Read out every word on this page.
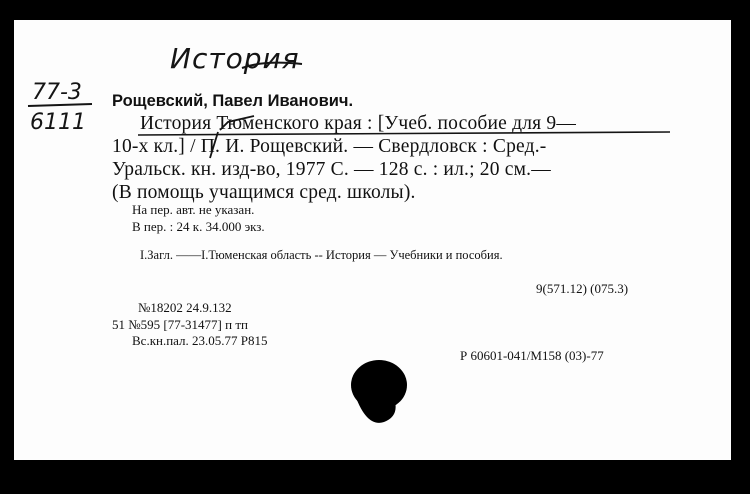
История
77-3
6111
Рощевский, Павел Иванович.
История Тюменского края : [Учеб. пособие для 9—
10-х кл.] / П. И. Рощевский. — Свердловск : Сред.-
Уральск. кн. изд-во, 1977 С. — 128 с. : ил.; 20 см.—
(В помощь учащимся сред. школы).
На пер. авт. не указан.
В пер. : 24 к. 34.000 экз.
I.Загл. ——I.Тюменская область -- История — Учебники и пособия.
9(571.12) (075.3)
№18202 24.9.132
51 №595 [77-31477] п тп
Вс.кн.пал. 23.05.77 Р815
Р 60601-041/М158 (03)-77
